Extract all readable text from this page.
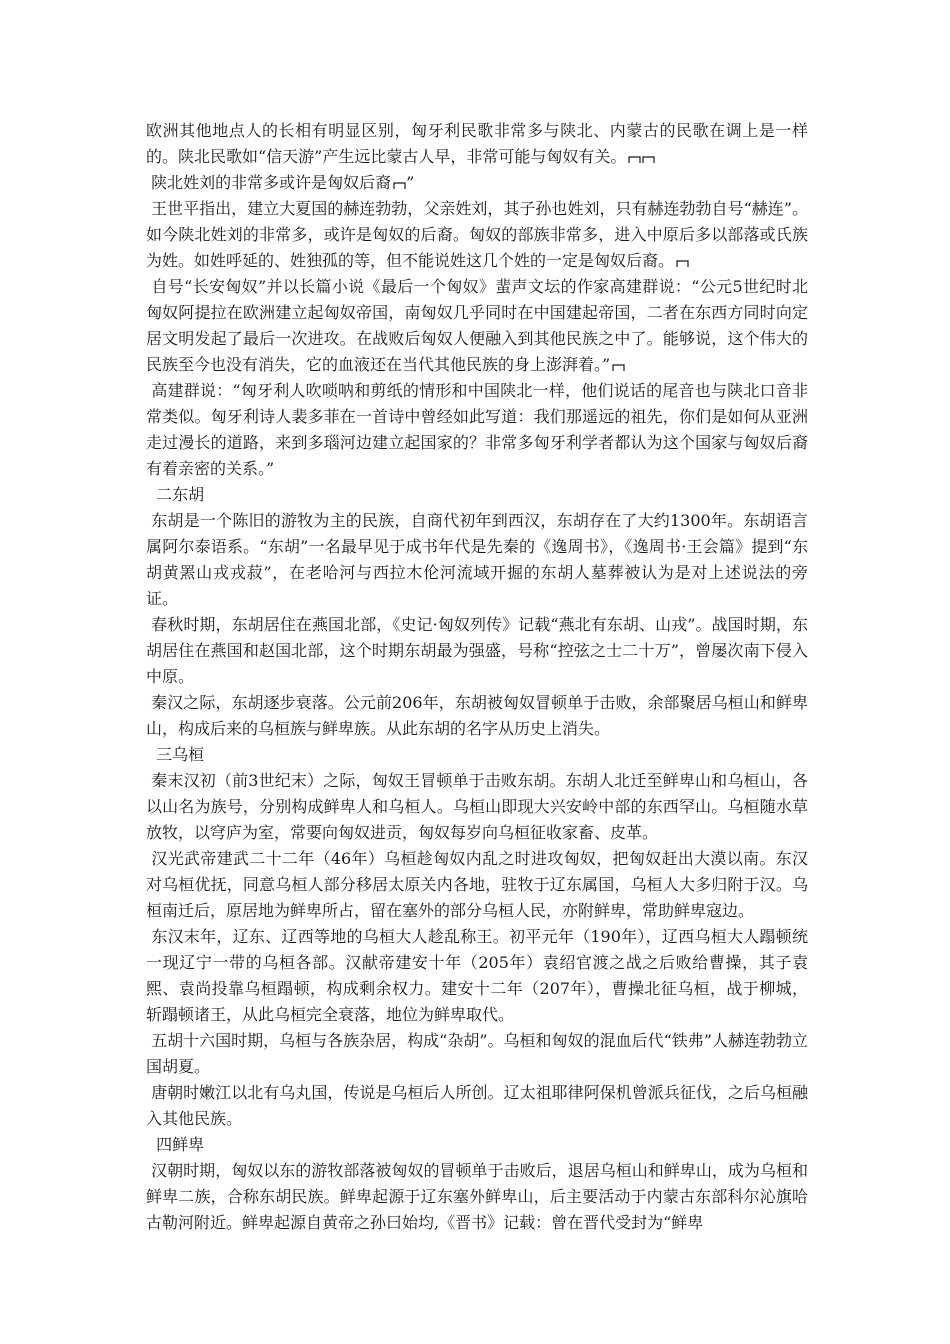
欧洲其他地点人的长相有明显区别，匈牙利民歌非常多与陕北、内蒙古的民歌在调上是一样的。陕北民歌如“信天游”产生远比蒙古人早，非常可能与匈奴有关。
陕北姓刘的非常多或许是匈奴后裔 ”
王世平指出，建立大夏国的赫连勃勃，父亲姓刘，其子孙也姓刘，只有赫连勃勃自号“赫连”。如今陕北姓刘的非常多，或许是匈奴的后裔。匈奴的部族非常多，进入中原后多以部落或氏族为姓。如姓呼延的、姓独孤的等，但不能说姓这几个姓的一定是匈奴后裔。
自号“长安匈奴”并以长篇小说《最后一个匈奴》蜚声文坛的作家高建群说：“公元5世纪时北匈奴阿提拉在欧洲建立起匈奴帝国，南匈奴几乎同时在中国建起帝国，二者在东西方同时向定居文明发起了最后一次进攻。在战败后匈奴人便融入到其他民族之中了。能够说，这个伟大的民族至今也没有消失，它的血液还在当代其他民族的身上澎湃着。”
高建群说：“匈牙利人吹唢呐和剪纸的情形和中国陕北一样，他们说话的尾音也与陕北口音非常类似。匈牙利诗人裴多菲在一首诗中曾经如此写道：我们那遥远的祖先，你们是如何从亚洲走过漫长的道路，来到多瑙河边建立起国家的？非常多匈牙利学者都认为这个国家与匈奴后裔有着亲密的关系。”
二东胡
东胡是一个陈旧的游牧为主的民族，自商代初年到西汉，东胡存在了大约1300年。东胡语言属阿尔泰语系。“东胡”一名最早见于成书年代是先秦的《逸周书》，《逸周书·王会篇》提到“东胡黄罴山戎戎菽”，在老哈河与西拉木伦河流域开掘的东胡人墓葬被认为是对上述说法的旁证。
春秋时期，东胡居住在燕国北部，《史记·匈奴列传》记载“燕北有东胡、山戎”。战国时期，东胡居住在燕国和赵国北部，这个时期东胡最为强盛，号称“控弦之士二十万”，曾屡次南下侵入中原。
秦汉之际，东胡逐步衰落。公元前206年，东胡被匈奴冒顿单于击败，余部聚居乌桓山和鲜卑山，构成后来的乌桓族与鲜卑族。从此东胡的名字从历史上消失。
三乌桓
秦末汉初（前3世纪末）之际，匈奴王冒顿单于击败东胡。东胡人北迁至鲜卑山和乌桓山，各以山名为族号，分别构成鲜卑人和乌桓人。乌桓山即现大兴安岭中部的东西罕山。乌桓随水草放牧，以穹庐为室，常要向匈奴进贡，匈奴每岁向乌桓征收家畜、皮革。
汉光武帝建武二十二年（46年）乌桓趁匈奴内乱之时进攻匈奴，把匈奴赶出大漠以南。东汉对乌桓优抚，同意乌桓人部分移居太原关内各地，驻牧于辽东属国，乌桓人大多归附于汉。乌桓南迁后，原居地为鲜卑所占，留在塞外的部分乌桓人民，亦附鲜卑，常助鲜卑寇边。
东汉末年，辽东、辽西等地的乌桓大人趁乱称王。初平元年（190年），辽西乌桓大人蹋顿统一现辽宁一带的乌桓各部。汉献帝建安十年（205年）袁绍官渡之战之后败给曹操，其子袁熙、袁尚投靠乌桓蹋顿，构成剩余权力。建安十二年（207年），曹操北征乌桓，战于柳城，斩蹋顿诸王，从此乌桓完全衰落，地位为鲜卑取代。
五胡十六国时期，乌桓与各族杂居，构成“杂胡”。乌桓和匈奴的混血后代“铁弗”人赫连勃勃立国胡夏。
唐朝时嫩江以北有乌丸国，传说是乌桓后人所创。辽太祖耶律阿保机曾派兵征伐，之后乌桓融入其他民族。
四鲜卑
汉朝时期，匈奴以东的游牧部落被匈奴的冒顿单于击败后，退居乌桓山和鲜卑山，成为乌桓和鲜卑二族，合称东胡民族。鲜卑起源于辽东塞外鲜卑山，后主要活动于内蒙古东部科尔沁旗哈古勒河附近。鲜卑起源自黄帝之孙曰始均,《晋书》记载：曾在晋代受封为“鲜卑
